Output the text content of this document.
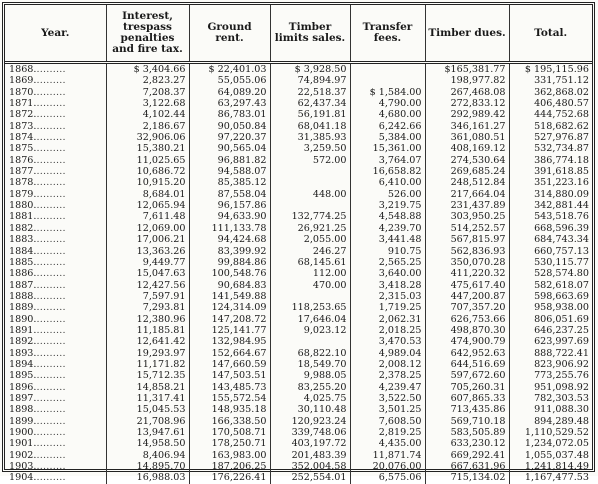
Year.	Interest, trespass penalties and fire tax.	Ground rent.	Timber limits sales.	Transfer fees.	Timber dues.	Total.
1868..........	$ 3,404.66	$ 22,401.03	$ 3,928.50		$165,381.77	$ 195,115.96
1869..........	2,823.27	55,055.06	74,894.97		198,977.82	331,751.12
1870..........	7,208.37	64,089.20	22,518.37	$ 1,584.00	267,468.08	362,868.02
1871..........	3,122.68	63,297.43	62,437.34	4,790.00	272,833.12	406,480.57
1872..........	4,102.44	86,783.01	56,191.81	4,680.00	292,989.42	444,752.68
1873..........	2,186.67	90,050.84	68,041.18	6,242.66	346,161.27	518,682.62
1874..........	32,906.06	97,220.37	31,385.93	5,384.00	361,080.51	527,976.87
1875..........	15,380.21	90,565.04	3,259.50	15,361.00	408,169.12	532,734.87
1876..........	11,025.65	96,881.82	572.00	3,764.07	274,530.64	386,774.18
1877..........	10,686.72	94,588.07		16,658.82	269,685.24	391,618.85
1878..........	10,915.20	85,385.12		6,410.00	248,512.84	351,223.16
1879..........	8,684.01	87,558.04	448.00	526.00	217,664.04	314,880.09
1880..........	12,065.94	96,157.86		3,219.75	231,437.89	342,881.44
1881..........	7,611.48	94,633.90	132,774.25	4,548.88	303,950.25	543,518.76
1882..........	12,069.00	111,133.78	26,921.25	4,239.70	514,252.57	668,596.39
1883..........	17,006.21	94,424.68	2,055.00	3,441.48	567,815.97	684,743.34
1884..........	13,363.26	83,399.92	246.27	910.75	562,836.93	660,757.13
1885..........	9,449.77	99,884.86	68,145.61	2,565.25	350,070.28	530,115.77
1886..........	15,047.63	100,548.76	112.00	3,640.00	411,220.32	528,574.80
1887..........	12,427.56	90,684.83	470.00	3,418.28	475,617.40	582,618.07
1888..........	7,597.91	141,549.88		2,315.03	447,200.87	598,663.69
1889..........	7,293.81	124,314.09	118,253.65	1,719.25	707,357.20	958,938.00
1890..........	12,380.96	147,208.72	17,646.04	2,062.31	626,753.66	806,051.69
1891..........	11,185.81	125,141.77	9,023.12	2,018.25	498,870.30	646,237.25
1892..........	12,641.42	132,984.95		3,470.53	474,900.79	623,997.69
1893..........	19,293.97	152,664.67	68,822.10	4,989.04	642,952.63	888,722.41
1894..........	11,171.82	147,660.59	18,549.70	2,008.12	644,516.69	823,906.92
1895..........	15,712.35	147,503.51	9,988.05	2,378.25	597,672.60	773,255.76
1896..........	14,858.21	143,485.73	83,255.20	4,239.47	705,260.31	951,098.92
1897..........	11,317.41	155,572.54	4,025.75	3,522.50	607,865.33	782,303.53
1898..........	15,045.53	148,935.18	30,110.48	3,501.25	713,435.86	911,088.30
1899..........	21,708.96	166,338.50	120,923.24	7,608.50	569,710.18	894,289.48
1900..........	13,947.61	170,508.71	339,748.06	2,819.25	583,505.89	1,110,529.52
1901..........	14,958.50	178,250.71	403,197.72	4,435.00	633,230.12	1,234,072.05
1902..........	8,406.94	163,983.00	201,483.39	11,871.74	669,292.41	1,055,037.48
1903..........	14,895.70	187,206.25	352,004.58	20,076.00	667,631.96	1,241,814.49
1904..........	16,988.03	176,226.41	252,554.01	6,575.06	715,134.02	1,167,477.53
